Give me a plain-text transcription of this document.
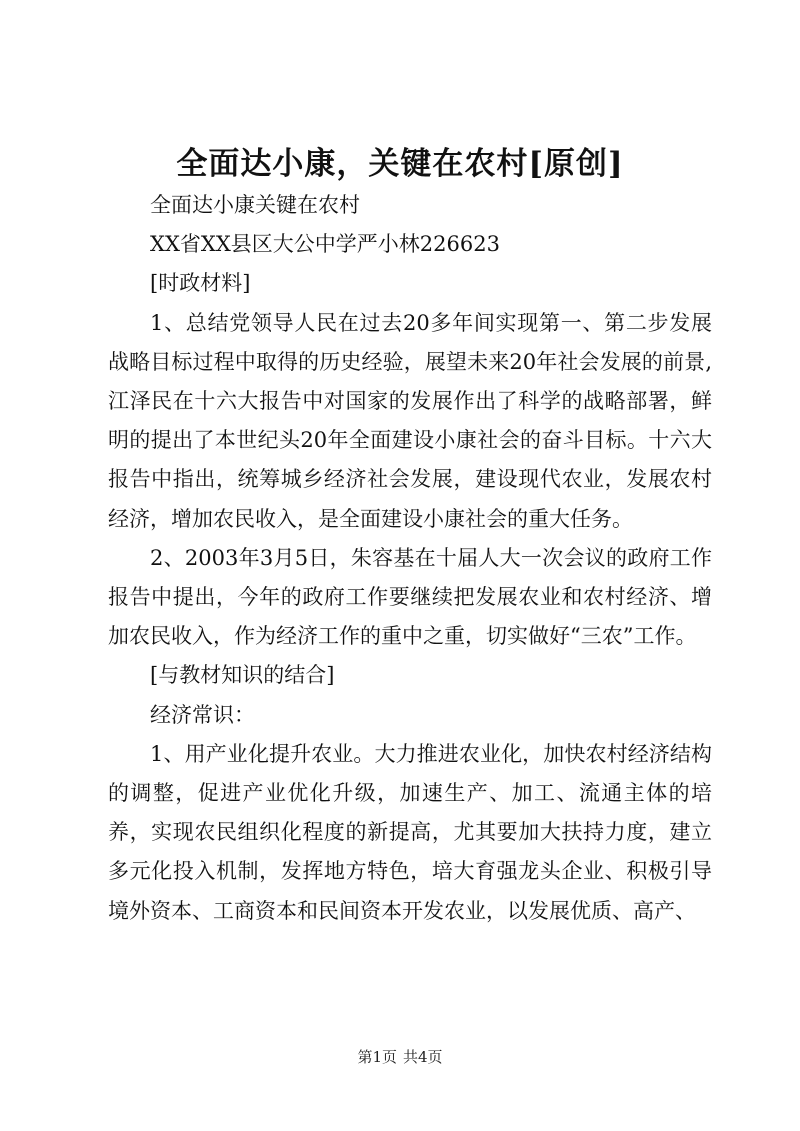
全面达小康，关键在农村[原创]

全面达小康关键在农村

XX省XX县区大公中学严小林226623

[时政材料]

1、总结党领导人民在过去20多年间实现第一、第二步发展战略目标过程中取得的历史经验，展望未来20年社会发展的前景,江泽民在十六大报告中对国家的发展作出了科学的战略部署，鲜明的提出了本世纪头20年全面建设小康社会的奋斗目标。十六大报告中指出，统筹城乡经济社会发展，建设现代农业，发展农村经济，增加农民收入，是全面建设小康社会的重大任务。

2、2003年3月5日，朱容基在十届人大一次会议的政府工作报告中提出，今年的政府工作要继续把发展农业和农村经济、增加农民收入，作为经济工作的重中之重，切实做好“三农”工作。

[与教材知识的结合]

经济常识：

1、用产业化提升农业。大力推进农业化，加快农村经济结构的调整，促进产业优化升级，加速生产、加工、流通主体的培养，实现农民组织化程度的新提高，尤其要加大扶持力度，建立多元化投入机制，发挥地方特色，培大育强龙头企业、积极引导境外资本、工商资本和民间资本开发农业，以发展优质、高产、

第1页 共4页
